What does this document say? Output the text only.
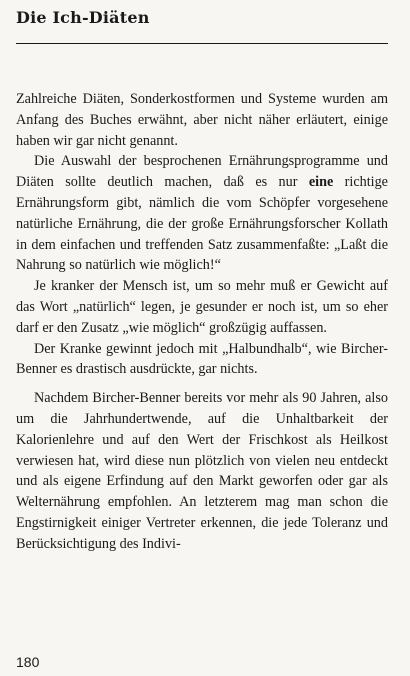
Die Ich-Diäten

Zahlreiche Diäten, Sonderkostformen und Systeme wurden am Anfang des Buches erwähnt, aber nicht näher erläutert, einige haben wir gar nicht genannt.

Die Auswahl der besprochenen Ernährungsprogramme und Diäten sollte deutlich machen, daß es nur eine richtige Ernährungsform gibt, nämlich die vom Schöpfer vorgesehene natürliche Ernährung, die der große Ernährungsforscher Kollath in dem einfachen und treffenden Satz zusammenfaßte: „Laßt die Nahrung so natürlich wie möglich!“

Je kranker der Mensch ist, um so mehr muß er Gewicht auf das Wort „natürlich“ legen, je gesunder er noch ist, um so eher darf er den Zusatz „wie möglich“ großzügig auffassen.

Der Kranke gewinnt jedoch mit „Halbundhalb“, wie Bircher-Benner es drastisch ausdrückte, gar nichts.

Nachdem Bircher-Benner bereits vor mehr als 90 Jahren, also um die Jahrhundertwende, auf die Unhaltbarkeit der Kalorienlehre und auf den Wert der Frischkost als Heilkost verwiesen hat, wird diese nun plötzlich von vielen neu entdeckt und als eigene Erfindung auf den Markt geworfen oder gar als Welternährung empfohlen. An letzterem mag man schon die Engstirnigkeit einiger Vertreter erkennen, die jede Toleranz und Berücksichtigung des Indivi-

180
